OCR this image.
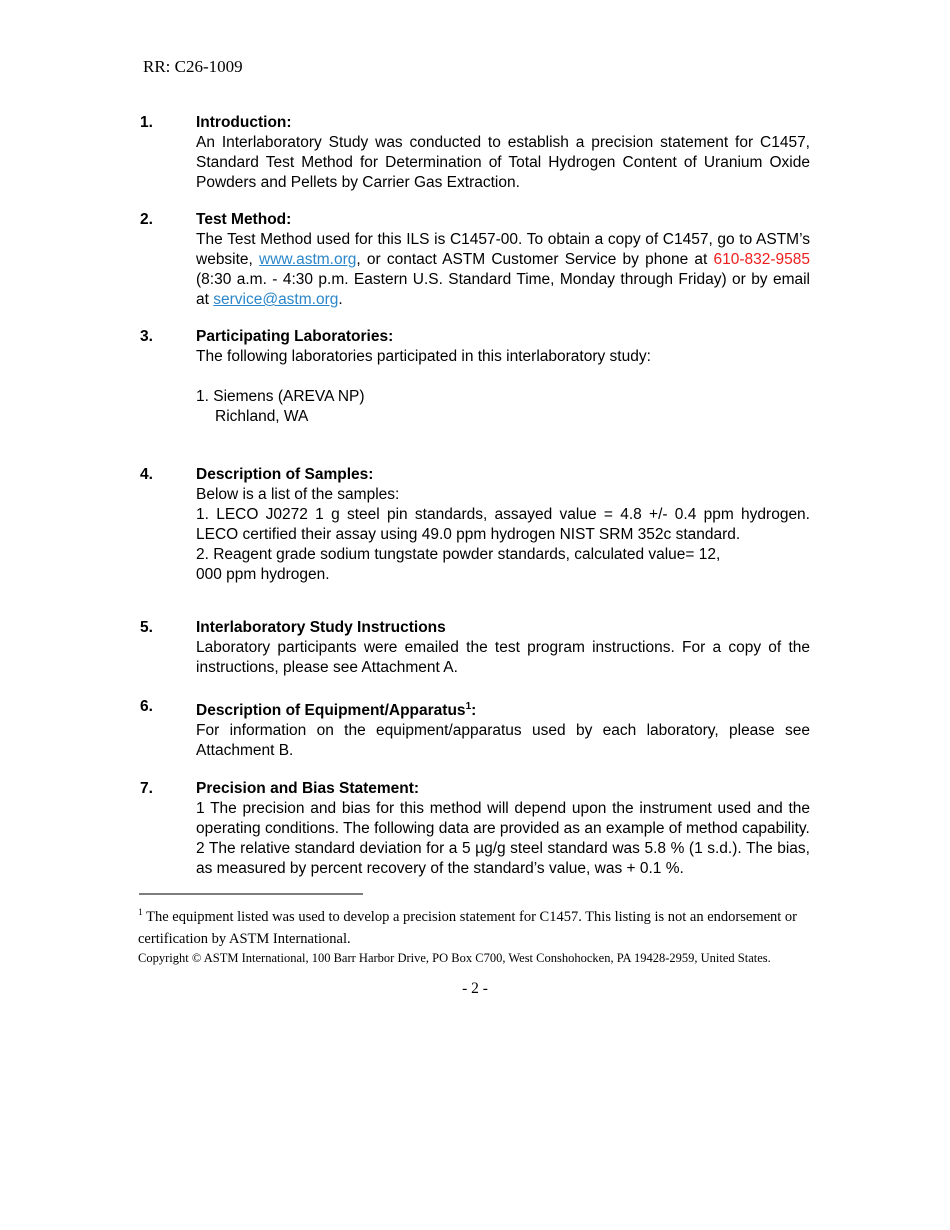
RR: C26-1009
1.	Introduction:

An Interlaboratory Study was conducted to establish a precision statement for C1457, Standard Test Method for Determination of Total Hydrogen Content of Uranium Oxide Powders and Pellets by Carrier Gas Extraction.

2.	Test Method:

The Test Method used for this ILS is C1457-00. To obtain a copy of C1457, go to ASTM’s website, www.astm.org, or contact ASTM Customer Service by phone at 610-832-9585 (8:30 a.m. - 4:30 p.m. Eastern U.S. Standard Time, Monday through Friday) or by email at service@astm.org.

3.	Participating Laboratories:

The following laboratories participated in this interlaboratory study:

1. Siemens (AREVA NP)
Richland, WA
4.	Description of Samples:

Below is a list of the samples:

1. LECO J0272 1 g steel pin standards, assayed value = 4.8 +/- 0.4 ppm hydrogen. LECO certified their assay using 49.0 ppm hydrogen NIST SRM 352c standard.

2. Reagent grade sodium tungstate powder standards, calculated value= 12,
000 ppm hydrogen.

5.	Interlaboratory Study Instructions

Laboratory participants were emailed the test program instructions. For a copy of the instructions, please see Attachment A.

6.	Description of Equipment/Apparatus$^1$:

For information on the equipment/apparatus used by each laboratory, please see Attachment B.

7.	Precision and Bias Statement:

1 The precision and bias for this method will depend upon the instrument used and the operating conditions. The following data are provided as an example of method capability.

2 The relative standard deviation for a 5 µg/g steel standard was 5.8 % (1 s.d.). The bias, as measured by percent recovery of the standard’s value, was + 0.1 %.

$^1$ The equipment listed was used to develop a precision statement for C1457. This listing is not an endorsement or certification by ASTM International.
Copyright © ASTM International, 100 Barr Harbor Drive, PO Box C700, West Conshohocken, PA 19428-2959, United States.
- 2 -
